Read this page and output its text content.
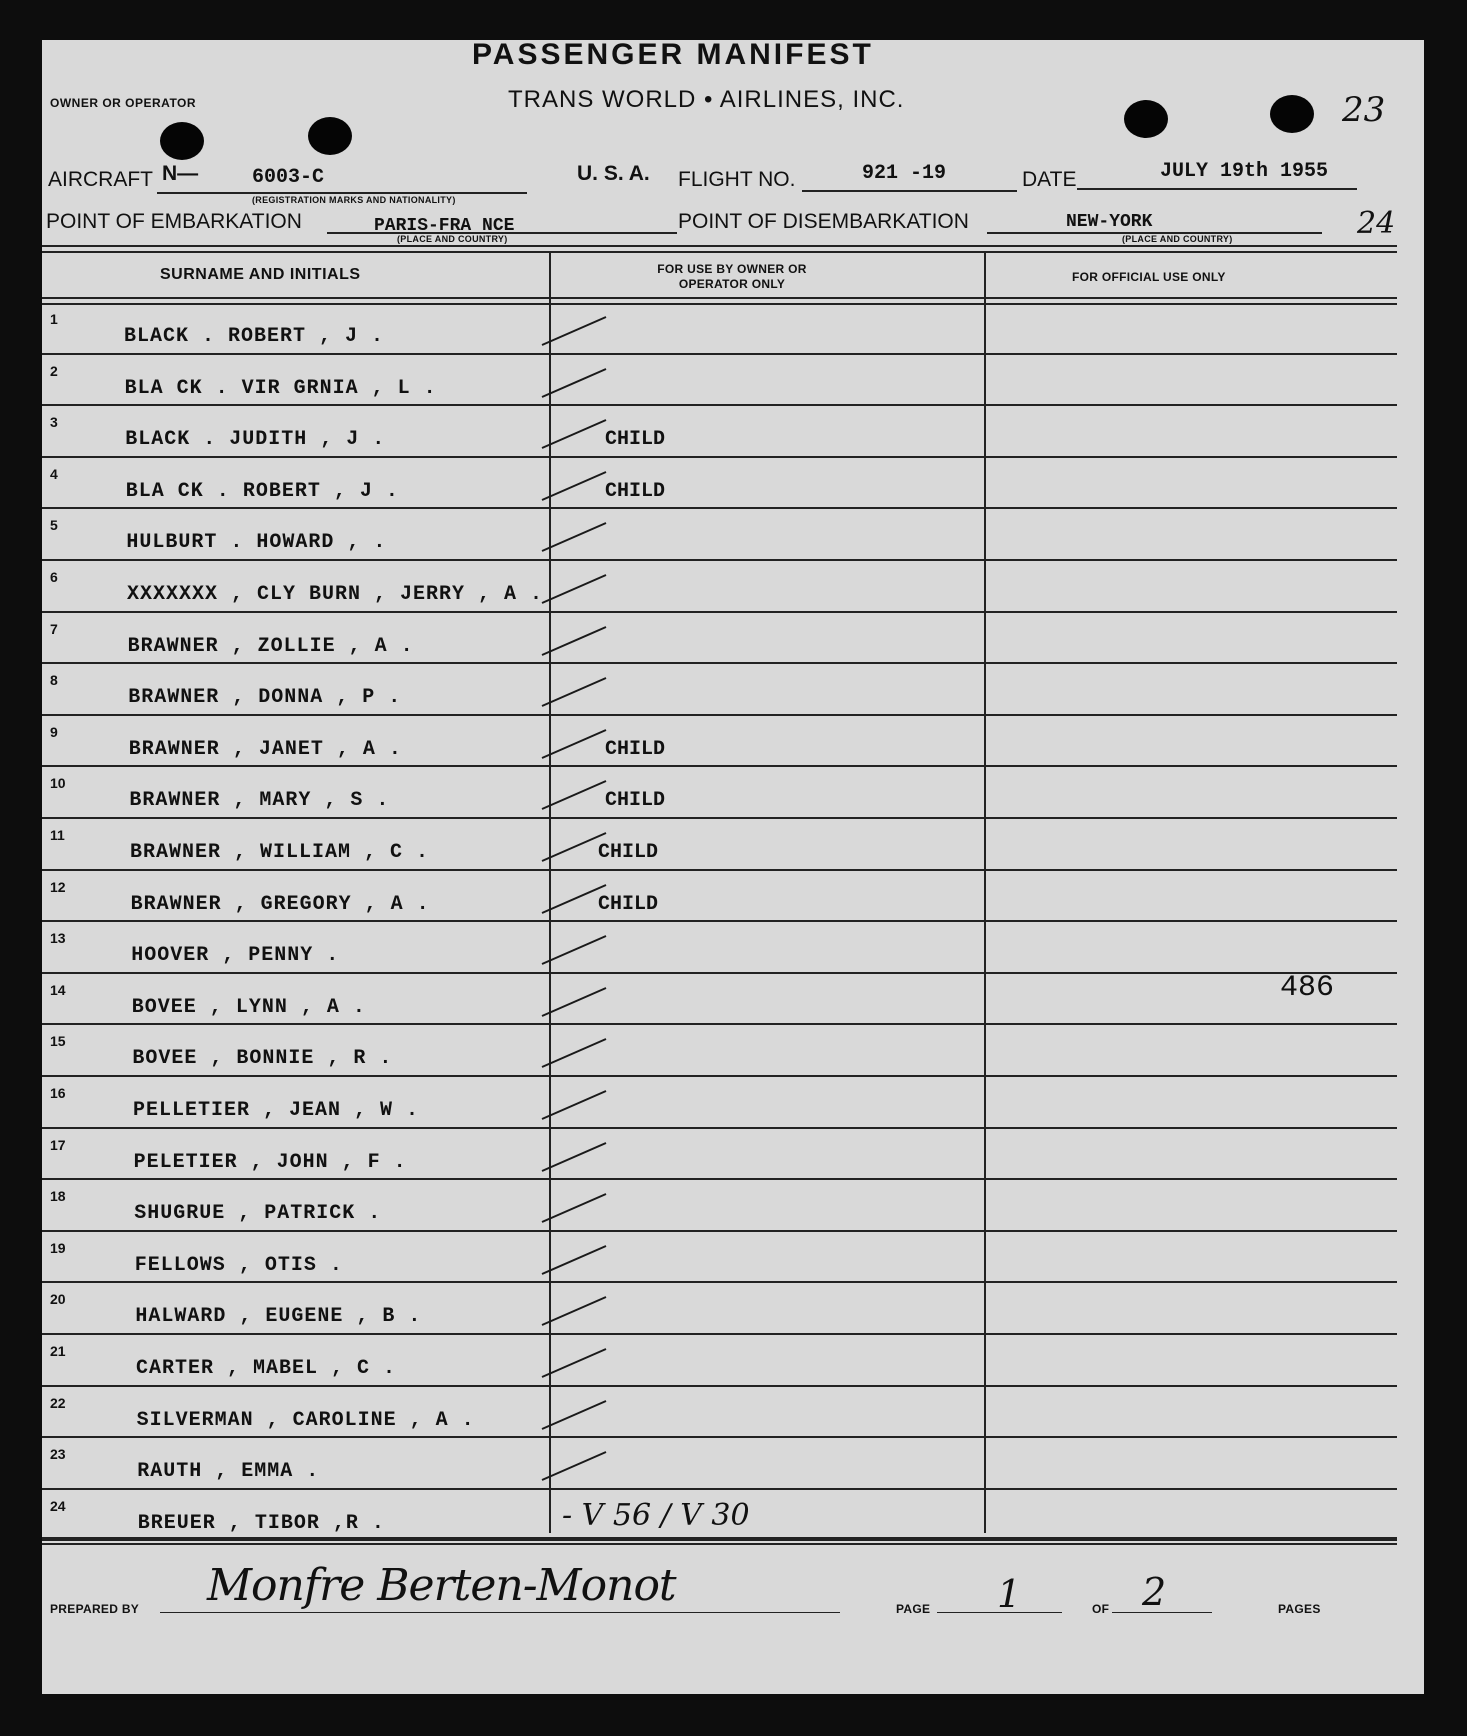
PASSENGER MANIFEST
OWNER OR OPERATOR	TRANS WORLD • AIRLINES, INC.	23
AIRCRAFT N—	6003-C
(REGISTRATION MARKS AND NATIONALITY)
U. S. A. FLIGHT NO.	921 -19	DATE	JULY 19th 1955
POINT OF EMBARKATION	PARIS-FRA NCE
(PLACE AND COUNTRY)
POINT OF DISEMBARKATION	NEW-YORK
(PLACE AND COUNTRY)	24
SURNAME AND INITIALS	FOR USE BY OWNER OR OPERATOR ONLY	FOR OFFICIAL USE ONLY
1
BLACK . ROBERT , J .
2
BLA CK . VIR GRNIA , L .
3
BLACK . JUDITH , J .	CHILD
4
BLA CK . ROBERT , J .	CHILD
5
HULBURT . HOWARD , .
6
XXXXXXX , CLY BURN , JERRY , A .
7
BRAWNER , ZOLLIE , A .
8
BRAWNER , DONNA , P .
9
BRAWNER , JANET , A .	CHILD
10
BRAWNER , MARY , S .	CHILD
11
BRAWNER , WILLIAM , C .	CHILD
12
BRAWNER , GREGORY , A .	CHILD
13
HOOVER , PENNY .
14
BOVEE , LYNN , A .
15
BOVEE , BONNIE , R .
16
PELLETIER , JEAN , W .
17
PELETIER , JOHN , F .
18
SHUGRUE , PATRICK .
19
FELLOWS , OTIS .
20
HALWARD , EUGENE , B .
21
CARTER , MABEL , C .
22
SILVERMAN , CAROLINE , A .
23
RAUTH , EMMA .
24
BREUER , TIBOR ,R .	- V 56 / V 30
486
PREPARED BY Monfre Berten-Monot	PAGE 1	OF 2	PAGES
